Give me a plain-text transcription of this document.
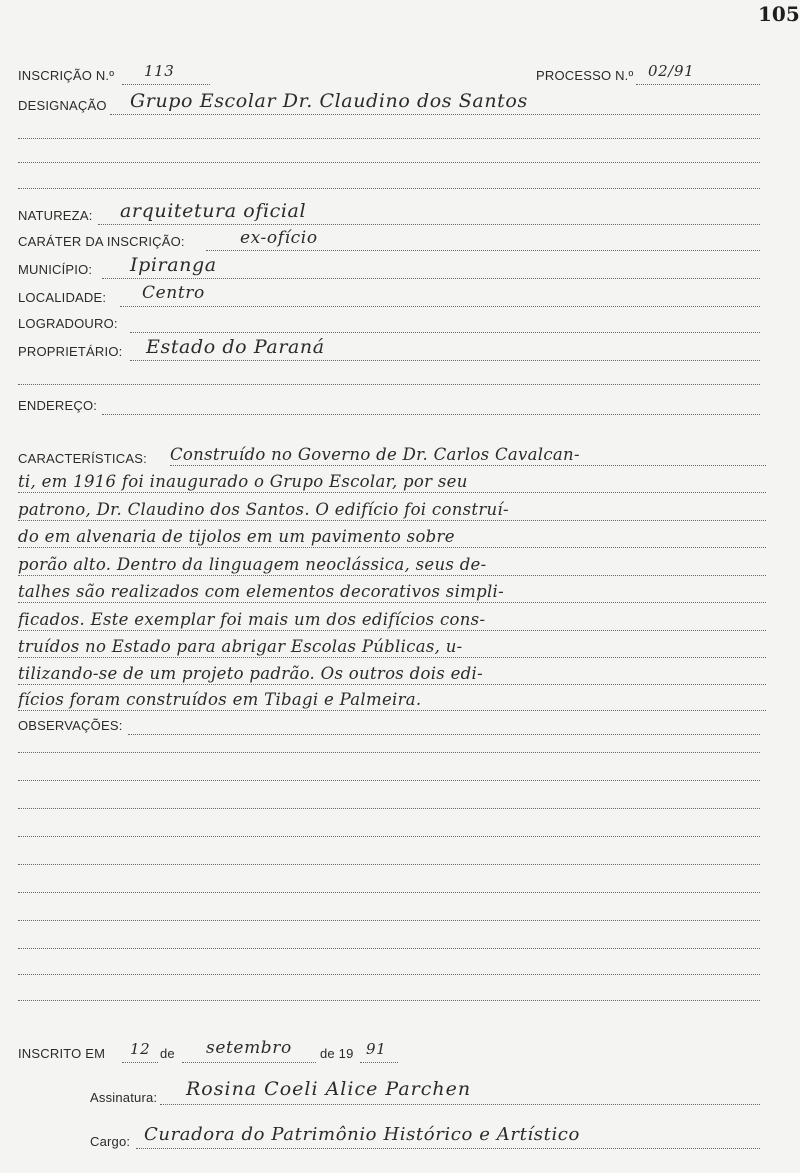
105
INSCRIÇÃO N.º 113	PROCESSO N.º 02/91
DESIGNAÇÃO Grupo Escolar Dr. Claudino dos Santos
NATUREZA: arquitetura oficial
CARÁTER DA INSCRIÇÃO:	ex-ofício
MUNICÍPIO: Ipiranga
LOCALIDADE: Centro
LOGRADOURO:
PROPRIETÁRIO: Estado do Paraná
ENDEREÇO:
CARACTERÍSTICAS: Construído no Governo de Dr. Carlos Cavalcan-
ti, em 1916 foi inaugurado o Grupo Escolar, por seu
patrono, Dr. Claudino dos Santos. O edifício foi construí-
do em alvenaria de tijolos em um pavimento sobre
porão alto. Dentro da linguagem neoclássica, seus de-
talhes são realizados com elementos decorativos simpli-
ficados. Este exemplar foi mais um dos edifícios cons-
truídos no Estado para abrigar Escolas Públicas, u-
tilizando-se de um projeto padrão. Os outros dois edi-
fícios foram construídos em Tibagi e Palmeira.
OBSERVAÇÕES:
INSCRITO EM 12 de setembro de 19 91
Assinatura: Rosina Coeli Alice Parchen
Cargo: Curadora do Patrimônio Histórico e Artístico
